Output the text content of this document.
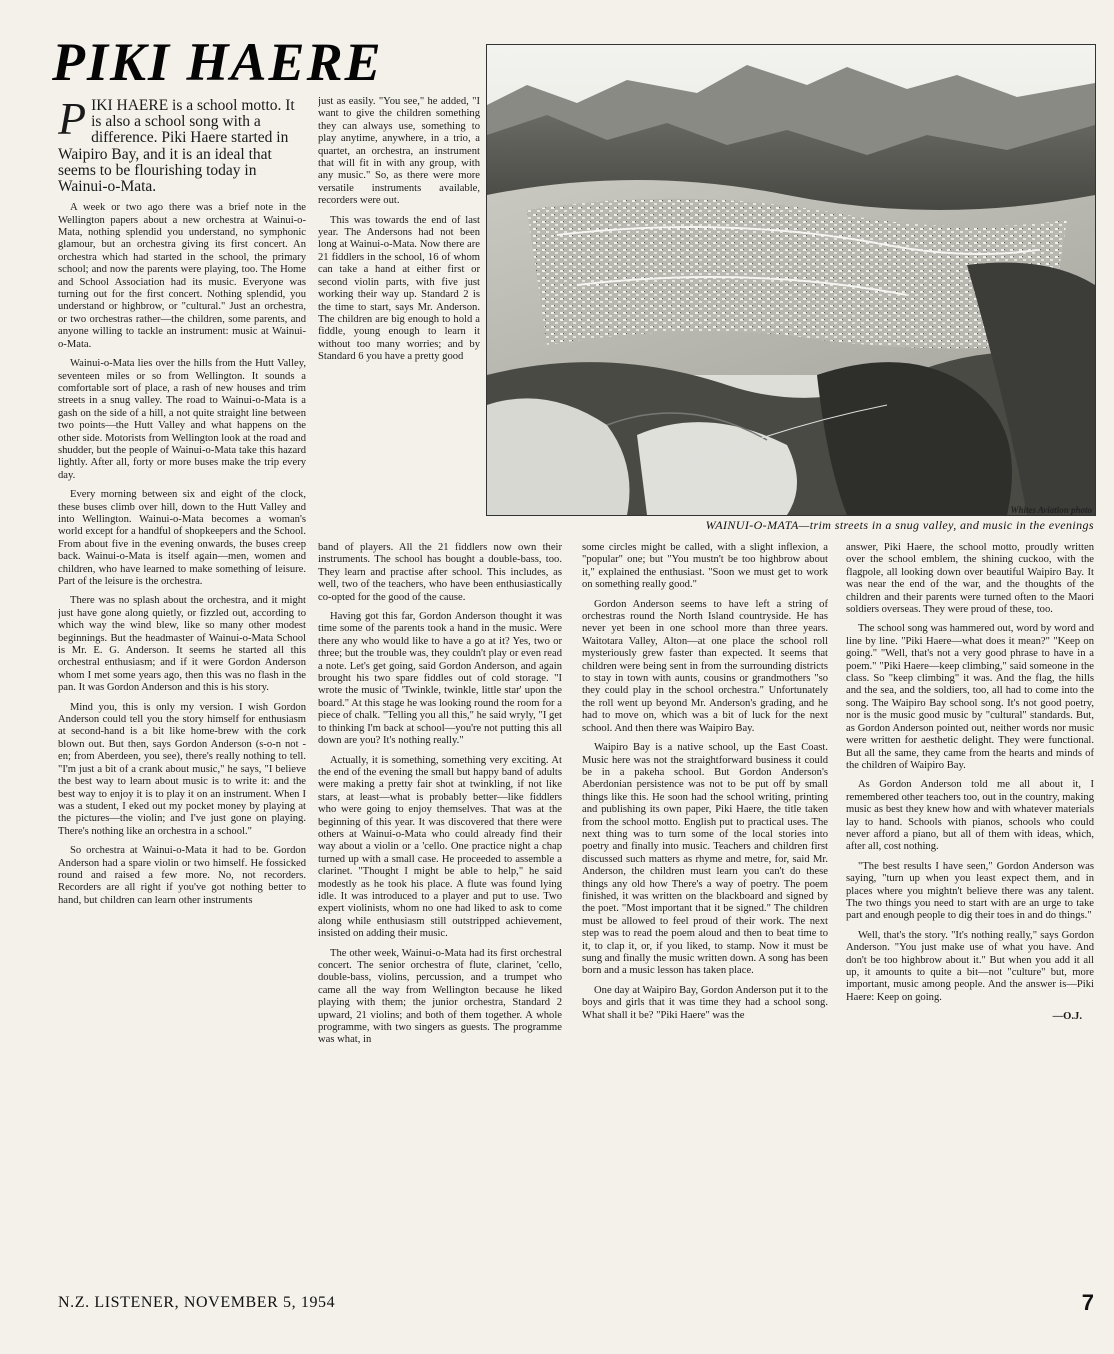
PIKI HAERE
Whites Aviation photo

WAINUI-O-MATA—trim streets in a snug valley, and music in the evenings

PIKI HAERE is a school motto. It is also a school song with a difference. Piki Haere started in Waipiro Bay, and it is an ideal that seems to be flourishing today in Wainui-o-Mata.

A week or two ago there was a brief note in the Wellington papers about a new orchestra at Wainui-o-Mata, nothing splendid you understand, no symphonic glamour, but an orchestra giving its first concert. An orchestra which had started in the school, the primary school; and now the parents were playing, too. The Home and School Association had its music. Everyone was turning out for the first concert. Nothing splendid, you understand or highbrow, or "cultural." Just an orchestra, or two orchestras rather—the children, some parents, and anyone willing to tackle an instrument: music at Wainui-o-Mata.

Wainui-o-Mata lies over the hills from the Hutt Valley, seventeen miles or so from Wellington. It sounds a comfortable sort of place, a rash of new houses and trim streets in a snug valley. The road to Wainui-o-Mata is a gash on the side of a hill, a not quite straight line between two points—the Hutt Valley and what happens on the other side. Motorists from Wellington look at the road and shudder, but the people of Wainui-o-Mata take this hazard lightly. After all, forty or more buses make the trip every day.

Every morning between six and eight of the clock, these buses climb over hill, down to the Hutt Valley and into Wellington. Wainui-o-Mata becomes a woman's world except for a handful of shopkeepers and the School. From about five in the evening onwards, the buses creep back. Wainui-o-Mata is itself again—men, women and children, who have learned to make something of leisure. Part of the leisure is the orchestra.

There was no splash about the orchestra, and it might just have gone along quietly, or fizzled out, according to which way the wind blew, like so many other modest beginnings. But the headmaster of Wainui-o-Mata School is Mr. E. G. Anderson. It seems he started all this orchestral enthusiasm; and if it were Gordon Anderson whom I met some years ago, then this was no flash in the pan. It was Gordon Anderson and this is his story.

Mind you, this is only my version. I wish Gordon Anderson could tell you the story himself for enthusiasm at second-hand is a bit like home-brew with the cork blown out. But then, says Gordon Anderson (s-o-n not -en; from Aberdeen, you see), there's really nothing to tell. "I'm just a bit of a crank about music," he says, "I believe the best way to learn about music is to write it: and the best way to enjoy it is to play it on an instrument. When I was a student, I eked out my pocket money by playing at the pictures—the violin; and I've just gone on playing. There's nothing like an orchestra in a school."

So orchestra at Wainui-o-Mata it had to be. Gordon Anderson had a spare violin or two himself. He fossicked round and raised a few more. No, not recorders. Recorders are all right if you've got nothing better to hand, but children can learn other instruments

just as easily. "You see," he added, "I want to give the children something they can always use, something to play anytime, anywhere, in a trio, a quartet, an orchestra, an instrument that will fit in with any group, with any music." So, as there were more versatile instruments available, recorders were out.

This was towards the end of last year. The Andersons had not been long at Wainui-o-Mata. Now there are 21 fiddlers in the school, 16 of whom can take a hand at either first or second violin parts, with five just working their way up. Standard 2 is the time to start, says Mr. Anderson. The children are big enough to hold a fiddle, young enough to learn it without too many worries; and by Standard 6 you have a pretty good

band of players. All the 21 fiddlers now own their instruments. The school has bought a double-bass, too. They learn and practise after school. This includes, as well, two of the teachers, who have been enthusiastically co-opted for the good of the cause.

Having got this far, Gordon Anderson thought it was time some of the parents took a hand in the music. Were there any who would like to have a go at it? Yes, two or three; but the trouble was, they couldn't play or even read a note. Let's get going, said Gordon Anderson, and again brought his two spare fiddles out of cold storage. "I wrote the music of 'Twinkle, twinkle, little star' upon the board." At this stage he was looking round the room for a piece of chalk. "Telling you all this," he said wryly, "I get to thinking I'm back at school—you're not putting this all down are you? It's nothing really."

Actually, it is something, something very exciting. At the end of the evening the small but happy band of adults were making a pretty fair shot at twinkling, if not like stars, at least—what is probably better—like fiddlers who were going to enjoy themselves. That was at the beginning of this year. It was discovered that there were others at Wainui-o-Mata who could already find their way about a violin or a 'cello. One practice night a chap turned up with a small case. He proceeded to assemble a clarinet. "Thought I might be able to help," he said modestly as he took his place. A flute was found lying idle. It was introduced to a player and put to use. Two expert violinists, whom no one had liked to ask to come along while enthusiasm still outstripped achievement, insisted on adding their music.

The other week, Wainui-o-Mata had its first orchestral concert. The senior orchestra of flute, clarinet, 'cello, double-bass, violins, percussion, and a trumpet who came all the way from Wellington because he liked playing with them; the junior orchestra, Standard 2 upward, 21 violins; and both of them together. A whole programme, with two singers as guests. The programme was what, in

some circles might be called, with a slight inflexion, a "popular" one; but "You mustn't be too highbrow about it," explained the enthusiast. "Soon we must get to work on something really good."

Gordon Anderson seems to have left a string of orchestras round the North Island countryside. He has never yet been in one school more than three years. Waitotara Valley, Alton—at one place the school roll mysteriously grew faster than expected. It seems that children were being sent in from the surrounding districts to stay in town with aunts, cousins or grandmothers "so they could play in the school orchestra." Unfortunately the roll went up beyond Mr. Anderson's grading, and he had to move on, which was a bit of luck for the next school. And then there was Waipiro Bay.

Waipiro Bay is a native school, up the East Coast. Music here was not the straightforward business it could be in a pakeha school. But Gordon Anderson's Aberdonian persistence was not to be put off by small things like this. He soon had the school writing, printing and publishing its own paper, Piki Haere, the title taken from the school motto. English put to practical uses. The next thing was to turn some of the local stories into poetry and finally into music. Teachers and children first discussed such matters as rhyme and metre, for, said Mr. Anderson, the children must learn you can't do these things any old how There's a way of poetry. The poem finished, it was written on the blackboard and signed by the poet. "Most important that it be signed." The children must be allowed to feel proud of their work. The next step was to read the poem aloud and then to beat time to it, to clap it, or, if you liked, to stamp. Now it must be sung and finally the music written down. A song has been born and a music lesson has taken place.

One day at Waipiro Bay, Gordon Anderson put it to the boys and girls that it was time they had a school song. What shall it be? "Piki Haere" was the

answer, Piki Haere, the school motto, proudly written over the school emblem, the shining cuckoo, with the flagpole, all looking down over beautiful Waipiro Bay. It was near the end of the war, and the thoughts of the children and their parents were turned often to the Maori soldiers overseas. They were proud of these, too.

The school song was hammered out, word by word and line by line. "Piki Haere—what does it mean?" "Keep on going." "Well, that's not a very good phrase to have in a poem." "Piki Haere—keep climbing," said someone in the class. So "keep climbing" it was. And the flag, the hills and the sea, and the soldiers, too, all had to come into the song. The Waipiro Bay school song. It's not good poetry, nor is the music good music by "cultural" standards. But, as Gordon Anderson pointed out, neither words nor music were written for aesthetic delight. They were functional. But all the same, they came from the hearts and minds of the children of Waipiro Bay.

As Gordon Anderson told me all about it, I remembered other teachers too, out in the country, making music as best they knew how and with whatever materials lay to hand. Schools with pianos, schools who could never afford a piano, but all of them with ideas, which, after all, cost nothing.

"The best results I have seen," Gordon Anderson was saying, "turn up when you least expect them, and in places where you mightn't believe there was any talent. The two things you need to start with are an urge to take part and enough people to dig their toes in and do things."

Well, that's the story. "It's nothing really," says Gordon Anderson. "You just make use of what you have. And don't be too highbrow about it." But when you add it all up, it amounts to quite a bit—not "culture" but, more important, music among people. And the answer is—Piki Haere: Keep on going.

—O.J.
N.Z. LISTENER, NOVEMBER 5, 1954	7
